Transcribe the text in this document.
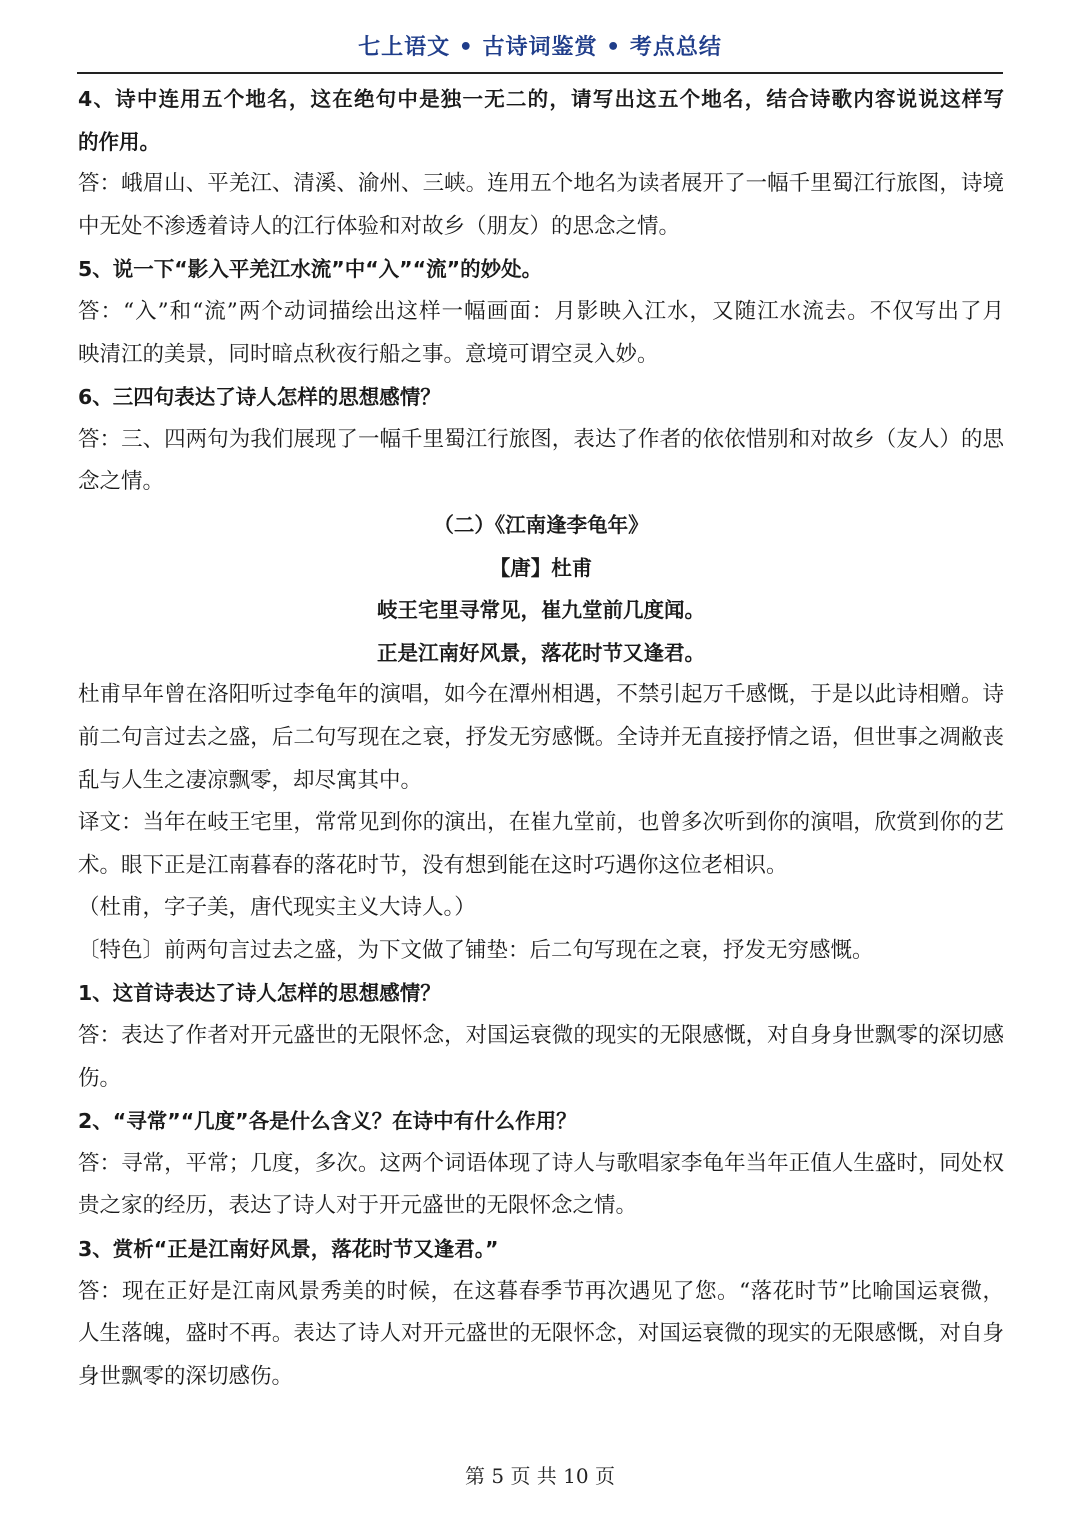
七上语文 • 古诗词鉴赏 • 考点总结
4、诗中连用五个地名，这在绝句中是独一无二的，请写出这五个地名，结合诗歌内容说说这样写
的作用。
答：峨眉山、平羌江、清溪、渝州、三峡。连用五个地名为读者展开了一幅千里蜀江行旅图，诗境
中无处不渗透着诗人的江行体验和对故乡（朋友）的思念之情。
5、说一下“影入平羌江水流”中“入”“流”的妙处。
答：“入”和“流”两个动词描绘出这样一幅画面：月影映入江水，又随江水流去。不仅写出了月
映清江的美景，同时暗点秋夜行船之事。意境可谓空灵入妙。
6、三四句表达了诗人怎样的思想感情？
答：三、四两句为我们展现了一幅千里蜀江行旅图，表达了作者的依依惜别和对故乡（友人）的思
念之情。
（二）《江南逢李龟年》
【唐】杜甫
岐王宅里寻常见，崔九堂前几度闻。
正是江南好风景，落花时节又逢君。
杜甫早年曾在洛阳听过李龟年的演唱，如今在潭州相遇，不禁引起万千感慨，于是以此诗相赠。诗
前二句言过去之盛，后二句写现在之衰，抒发无穷感慨。全诗并无直接抒情之语，但世事之凋敝丧
乱与人生之凄凉飘零，却尽寓其中。
译文：当年在岐王宅里，常常见到你的演出，在崔九堂前，也曾多次听到你的演唱，欣赏到你的艺
术。眼下正是江南暮春的落花时节，没有想到能在这时巧遇你这位老相识。
（杜甫，字子美，唐代现实主义大诗人。）
〔特色〕前两句言过去之盛，为下文做了铺垫：后二句写现在之衰，抒发无穷感慨。
1、这首诗表达了诗人怎样的思想感情？
答：表达了作者对开元盛世的无限怀念，对国运衰微的现实的无限感慨，对自身身世飘零的深切感
伤。
2、“寻常”“几度”各是什么含义？在诗中有什么作用？
答：寻常，平常；几度，多次。这两个词语体现了诗人与歌唱家李龟年当年正值人生盛时，同处权
贵之家的经历，表达了诗人对于开元盛世的无限怀念之情。
3、赏析“正是江南好风景，落花时节又逢君。”
答：现在正好是江南风景秀美的时候，在这暮春季节再次遇见了您。“落花时节”比喻国运衰微，
人生落魄，盛时不再。表达了诗人对开元盛世的无限怀念，对国运衰微的现实的无限感慨，对自身
身世飘零的深切感伤。
第 5 页 共 10 页
